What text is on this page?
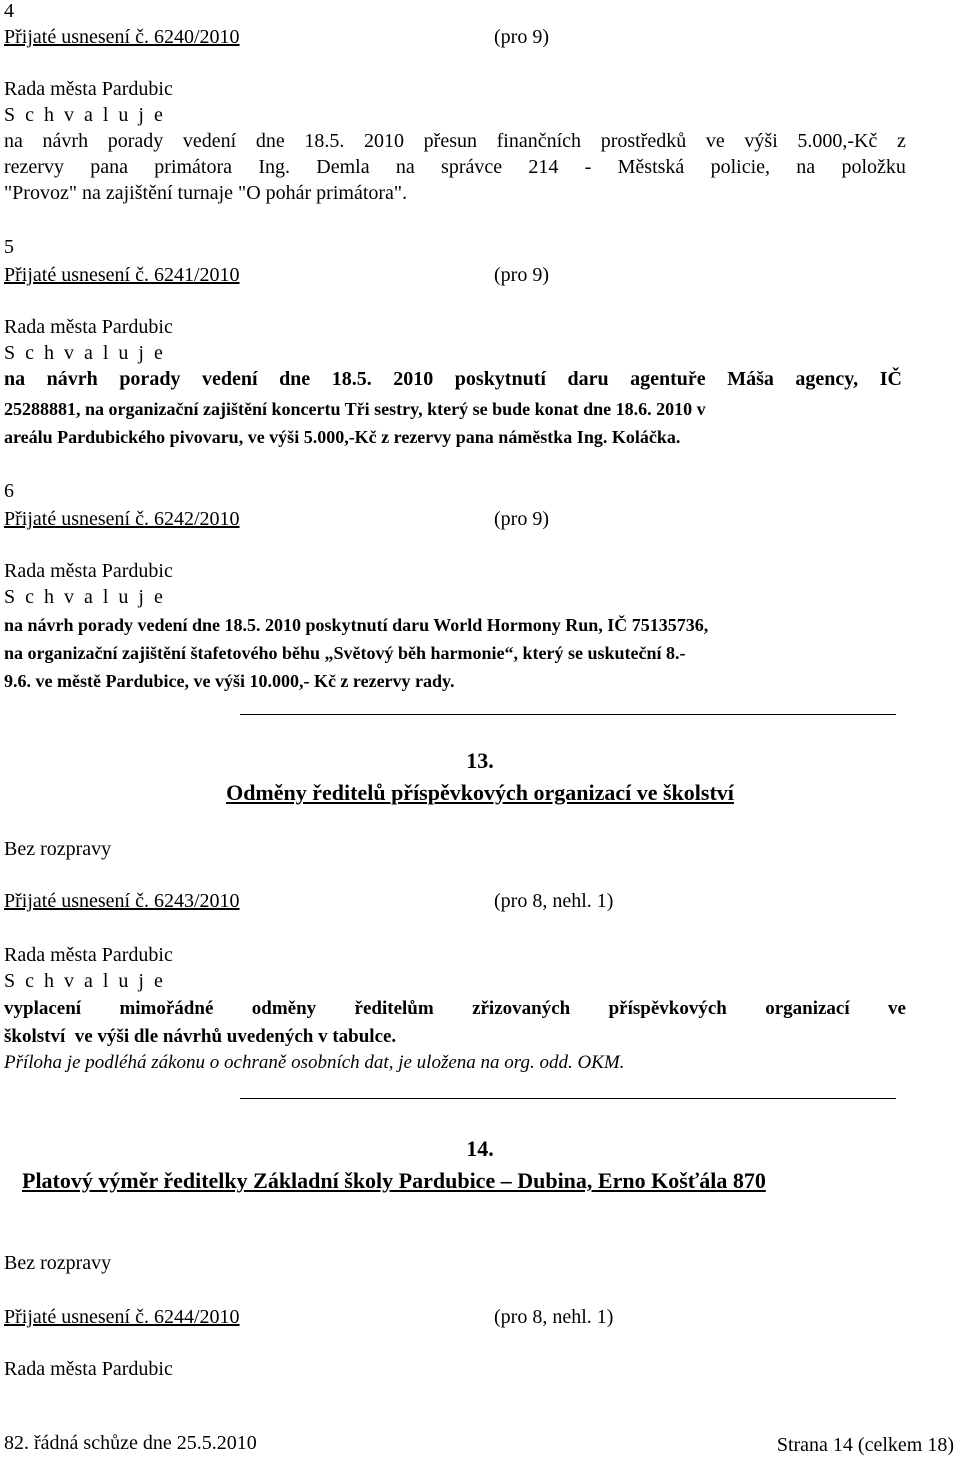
4
Přijaté usnesení č. 6240/2010	(pro 9)
Rada města Pardubic
S c h v a l u j e
na návrh porady vedení dne 18.5. 2010 přesun finančních prostředků ve výši 5.000,-Kč z
rezervy pana primátora Ing. Demla na správce 214 - Městská policie, na položku
"Provoz" na zajištění turnaje "O pohár primátora".
5
Přijaté usnesení č. 6241/2010	(pro 9)
Rada města Pardubic
S c h v a l u j e
na návrh porady vedení dne 18.5. 2010 poskytnutí daru agentuře Máša agency, IČ
25288881, na organizační zajištění koncertu Tři sestry, který se bude konat dne 18.6. 2010 v
areálu Pardubického pivovaru, ve výši 5.000,-Kč z rezervy pana náměstka Ing. Koláčka.
6
Přijaté usnesení č. 6242/2010	(pro 9)
Rada města Pardubic
S c h v a l u j e
na návrh porady vedení dne 18.5. 2010 poskytnutí daru World Hormony Run, IČ 75135736,
na organizační zajištění štafetového běhu „Světový běh harmonie“, který se uskuteční 8.-
9.6. ve městě Pardubice, ve výši 10.000,- Kč z rezervy rady.
13.
Odměny ředitelů příspěvkových organizací ve školství
Bez rozpravy
Přijaté usnesení č. 6243/2010	(pro 8, nehl. 1)
Rada města Pardubic
S c h v a l u j e
vyplacení mimořádné odměny ředitelům zřizovaných příspěvkových organizací ve
školství  ve výši dle návrhů uvedených v tabulce.
Příloha je podléhá zákonu o ochraně osobních dat, je uložena na org. odd. OKM.
14.
Platový výměr ředitelky Základní školy Pardubice – Dubina, Erno Košťála 870
Bez rozpravy
Přijaté usnesení č. 6244/2010	(pro 8, nehl. 1)
Rada města Pardubic
82. řádná schůze dne 25.5.2010	Strana 14 (celkem 18)
